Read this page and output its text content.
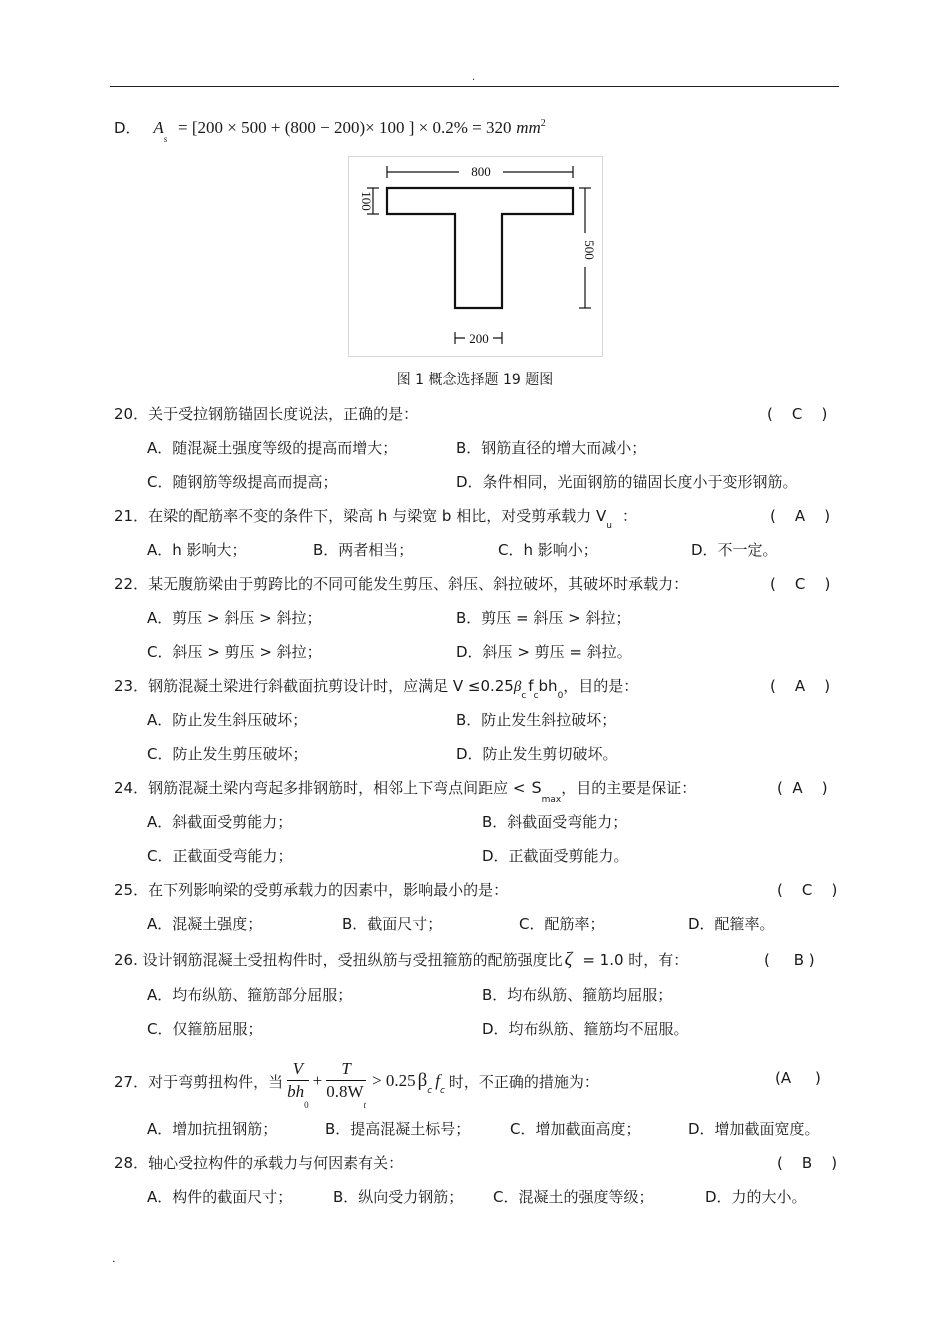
.
D． $A_s = [200 \times 500 + (800 - 200)\times 100$ ] × 0.2% = 320 $mm^2$
800
100
500
200
图 1 概念选择题 19 题图
20．关于受拉钢筋锚固长度说法，正确的是：	(    C    )
A．随混凝土强度等级的提高而增大；	B．钢筋直径的增大而减小；
C．随钢筋等级提高而提高；	D．条件相同，光面钢筋的锚固长度小于变形钢筋。
21．在梁的配筋率不变的条件下，梁高 h 与梁宽 b 相比，对受剪承载力 $V_u$：	(    A    )
A．h 影响大；	B．两者相当；	C．h 影响小；	D．不一定。
22．某无腹筋梁由于剪跨比的不同可能发生剪压、斜压、斜拉破坏，其破坏时承载力：	(    C    )
A．剪压 > 斜压 > 斜拉；	B．剪压 = 斜压 > 斜拉；
C．斜压 > 剪压 > 斜拉；	D．斜压 > 剪压 = 斜拉。
23．钢筋混凝土梁进行斜截面抗剪设计时，应满足 $V \le 0.25\beta_cf_cbh_0$，目的是：	(    A    )
A．防止发生斜压破坏；	B．防止发生斜拉破坏；
C．防止发生剪压破坏；	D．防止发生剪切破坏。
24．钢筋混凝土梁内弯起多排钢筋时，相邻上下弯点间距应 < $S_{max}$，目的主要是保证：	(  A    )
A．斜截面受剪能力；	B．斜截面受弯能力；
C．正截面受弯能力；	D．正截面受剪能力。
25．在下列影响梁的受剪承载力的因素中，影响最小的是：	(    C    )
A．混凝土强度；	B．截面尺寸；	C．配筋率；	D．配箍率。
26. 设计钢筋混凝土受扭构件时，受扭纵筋与受扭箍筋的配筋强度比 ζ = 1.0 时，有：	(     B )
A．均布纵筋、箍筋部分屈服；	B．均布纵筋、箍筋均屈服；
C．仅箍筋屈服；	D．均布纵筋、箍筋均不屈服。
27．对于弯剪扭构件，当 $\frac{V}{bh_0} + \frac{T}{0.8W_t} > 0.25$ β c
f
c
时，不正确的措施为：	(A     )
A．增加抗扭钢筋；	B．提高混凝土标号；	C．增加截面高度；	D．增加截面宽度。
28．轴心受拉构件的承载力与何因素有关：	(    B    )
A．构件的截面尺寸；	B．纵向受力钢筋； C．混凝土的强度等级；	D．力的大小。
.
